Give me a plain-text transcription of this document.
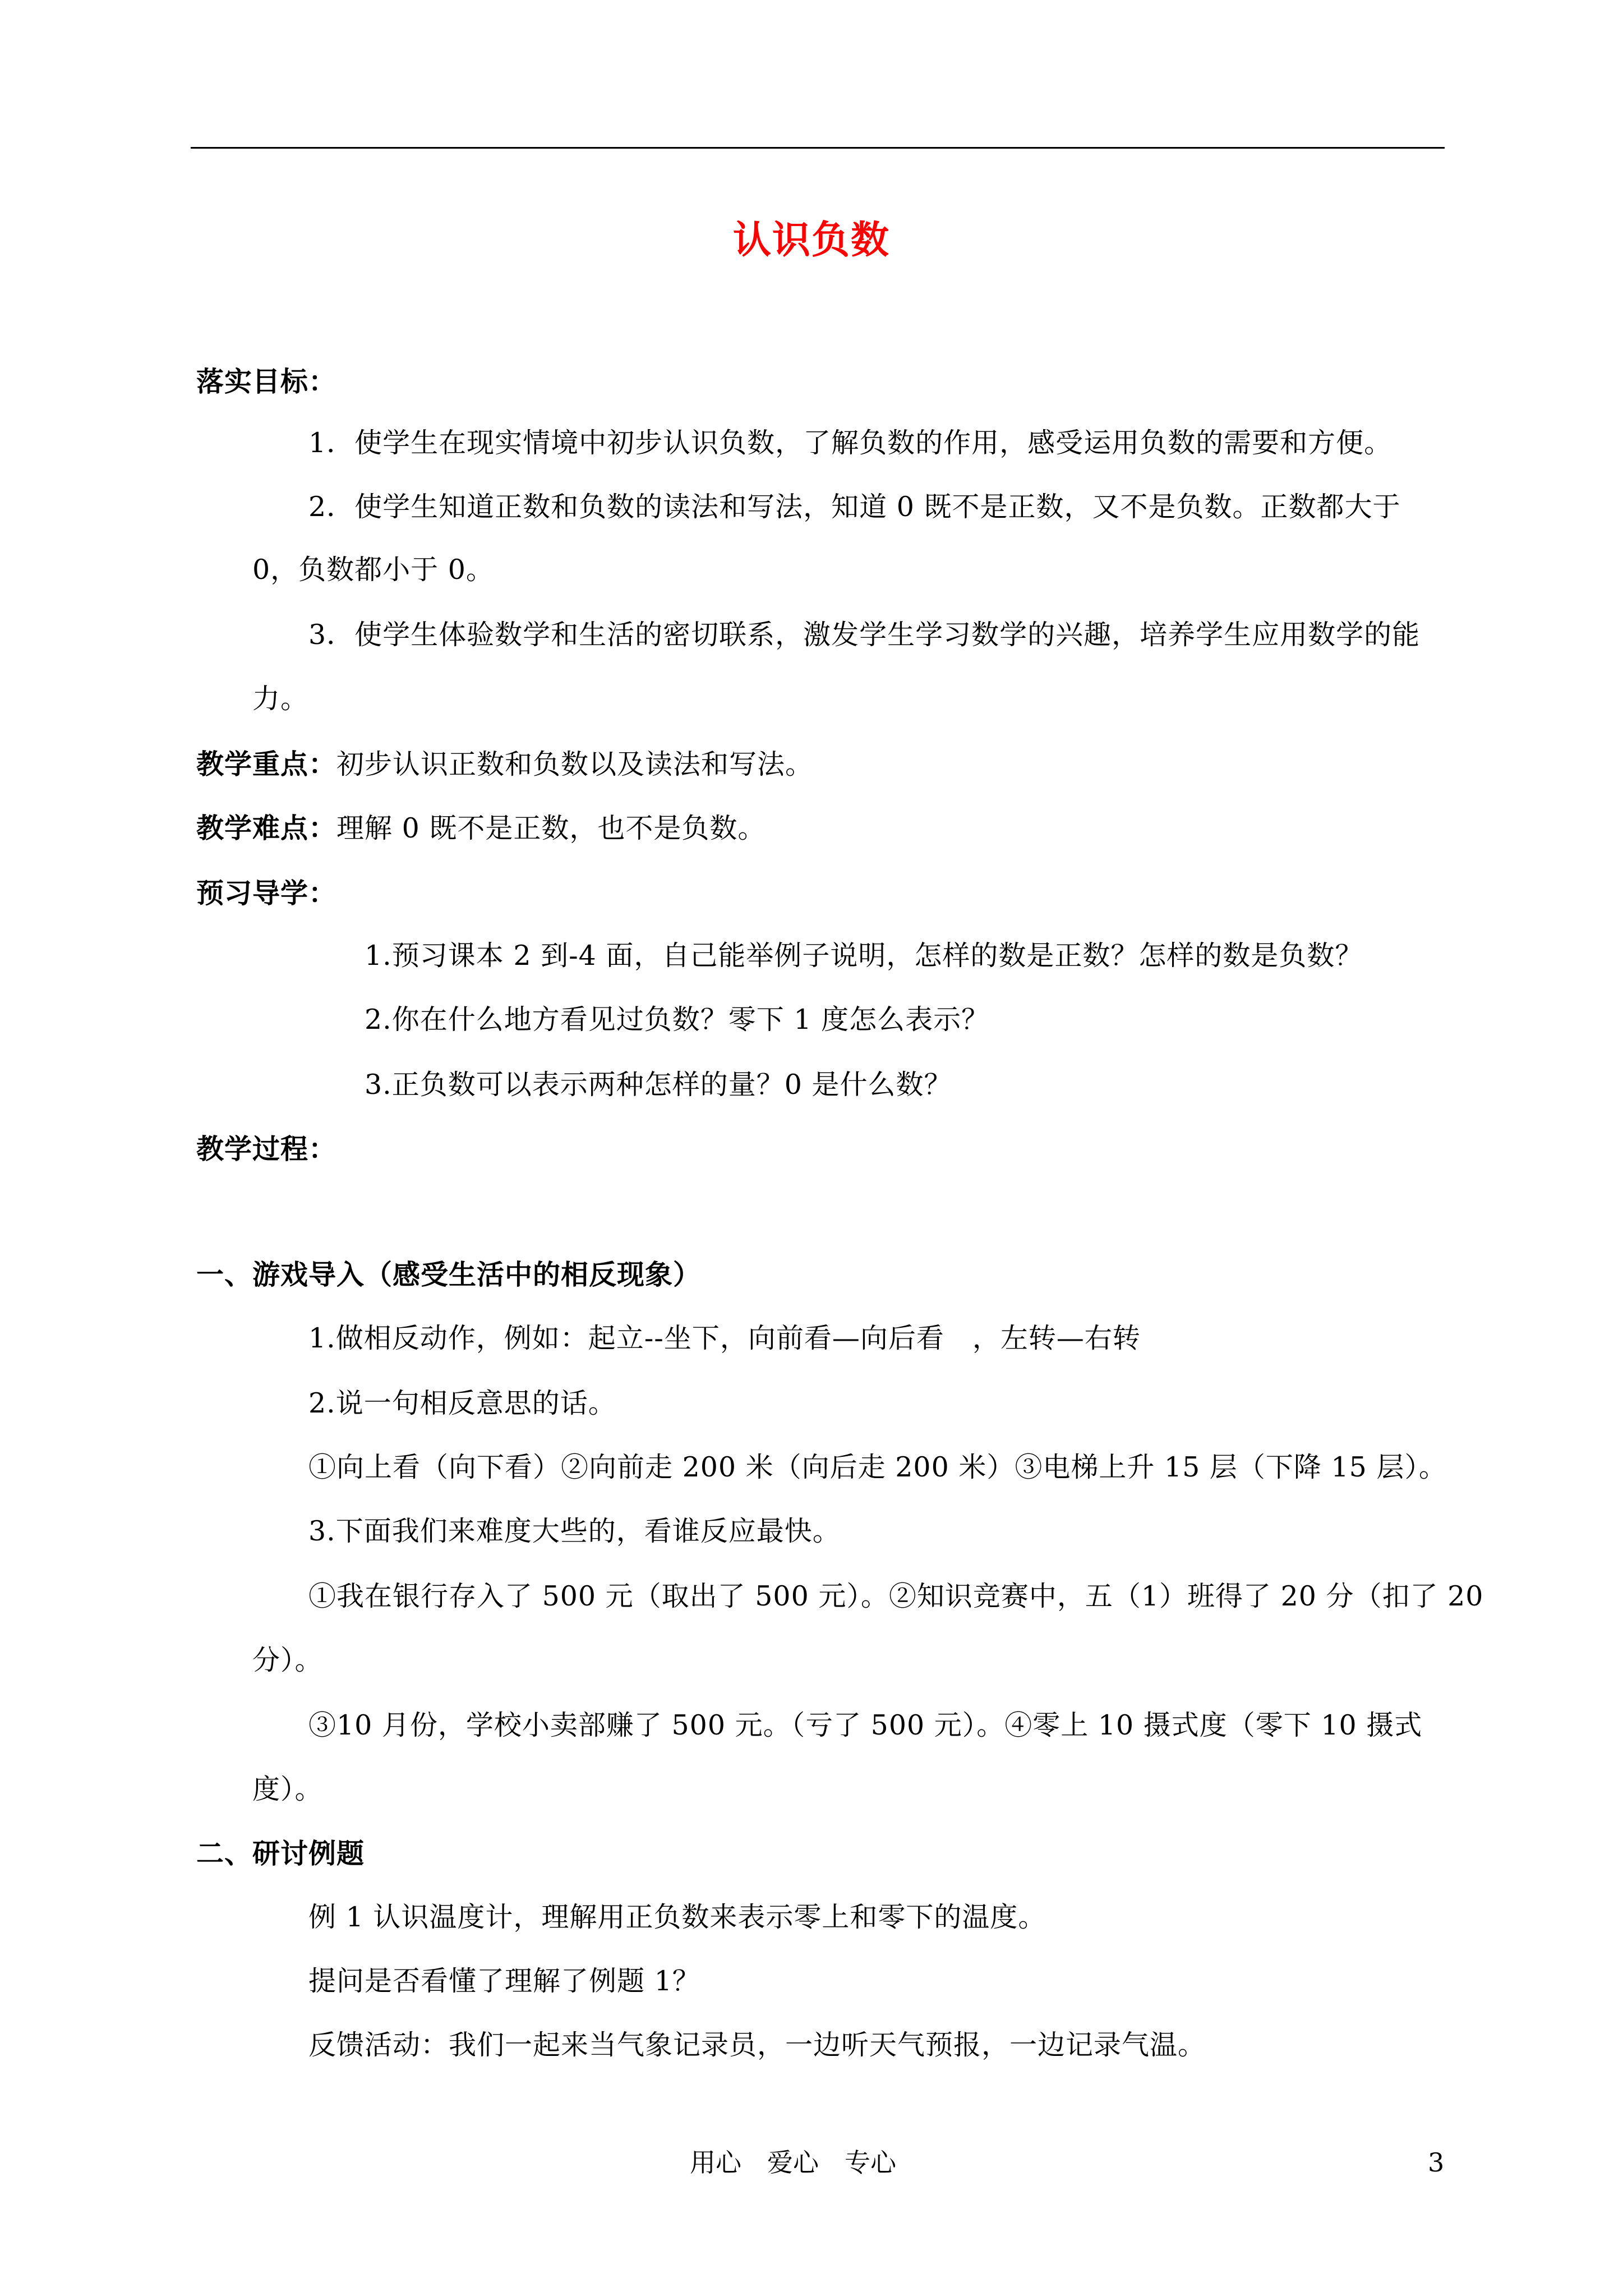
认识负数
落实目标：
1．使学生在现实情境中初步认识负数，了解负数的作用，感受运用负数的需要和方便。
2．使学生知道正数和负数的读法和写法，知道 0 既不是正数，又不是负数。正数都大于
0，负数都小于 0。
3．使学生体验数学和生活的密切联系，激发学生学习数学的兴趣，培养学生应用数学的能
力。
教学重点：初步认识正数和负数以及读法和写法。
教学难点：理解 0 既不是正数，也不是负数。
预习导学：
1.预习课本 2 到-4 面，自己能举例子说明，怎样的数是正数？怎样的数是负数？
2.你在什么地方看见过负数？零下 1 度怎么表示？
3.正负数可以表示两种怎样的量？0 是什么数？
教学过程：
一、游戏导入（感受生活中的相反现象）
1.做相反动作，例如：起立--坐下，向前看—向后看　，左转—右转
2.说一句相反意思的话。
①向上看（向下看）②向前走 200 米（向后走 200 米）③电梯上升 15 层（下降 15 层）。
3.下面我们来难度大些的，看谁反应最快。
①我在银行存入了 500 元（取出了 500 元）。②知识竞赛中，五（1）班得了 20 分（扣了 20
分）。
③10 月份，学校小卖部赚了 500 元。（亏了 500 元）。④零上 10 摄式度（零下 10 摄式
度）。
二、研讨例题
例 1 认识温度计，理解用正负数来表示零上和零下的温度。
提问是否看懂了理解了例题 1？
反馈活动：我们一起来当气象记录员，一边听天气预报，一边记录气温。
用心　爱心　专心	3
